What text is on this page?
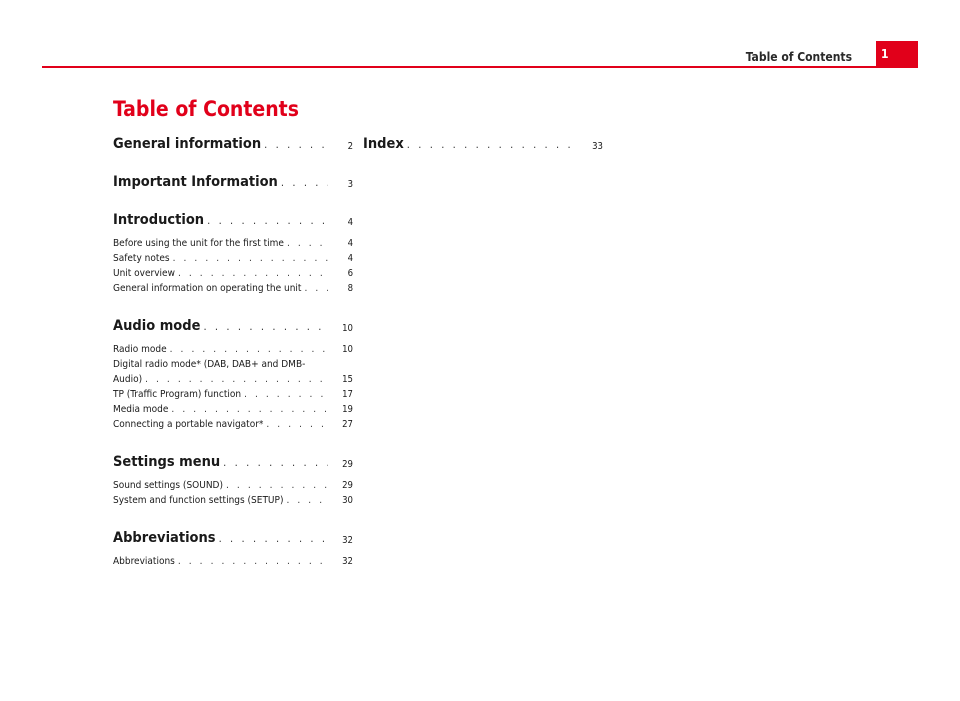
Table of Contents 1
Table of Contents
General information . . .	2
Important Information . . .	3
Introduction . . .	4
Before using the unit for the first time . . .	4
Safety notes . . .	4
Unit overview . . .	6
General information on operating the unit . . .	8
Audio mode . . .	10
Radio mode . . .	10
Digital radio mode* (DAB, DAB+ and DMB-
Audio) . . .	15
TP (Traffic Program) function . . .	17
Media mode . . .	19
Connecting a portable navigator* . . .	27
Settings menu . . .	29
Sound settings (SOUND) . . .	29
System and function settings (SETUP) . . .	30
Abbreviations . . .	32
Abbreviations . . .	32
Index . . .	33
